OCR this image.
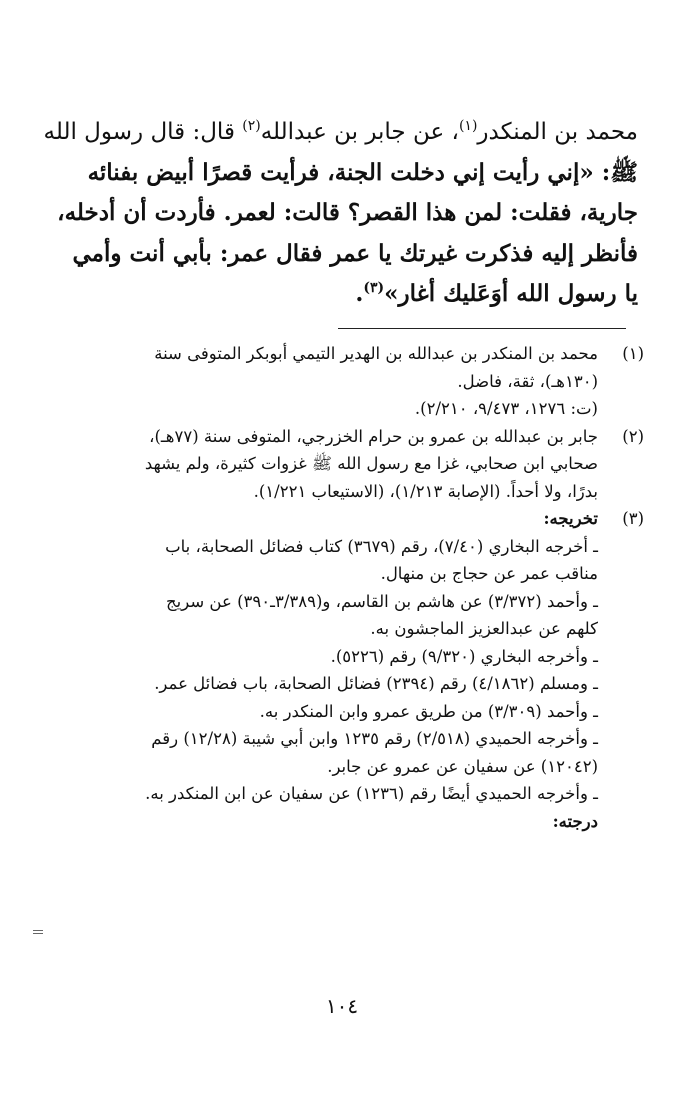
محمد بن المنكدر$^{(١)}$، عن جابر بن عبدالله$^{(٢)}$ قال: قال رسول الله
ﷺ: «إني رأيت إني دخلت الجنة، فرأيت قصرًا أبيض بفنائه
جارية، فقلت: لمن هذا القصر؟ قالت: لعمر. فأردت أن أدخله،
فأنظر إليه فذكرت غيرتك يا عمر فقال عمر: بأبي أنت وأمي
يا رسول الله أوَعَليك أغار»$^{(٣)}$.
(١)
محمد بن المنكدر بن عبدالله بن الهدير التيمي أبوبكر المتوفى سنة
(١٣٠هـ)، ثقة، فاضل.
(ت: ١٢٧٦، ٩/٤٧٣، ٢/٢١٠).
(٢)
جابر بن عبدالله بن عمرو بن حرام الخزرجي، المتوفى سنة (٧٧هـ)،
صحابي ابن صحابي، غزا مع رسول الله ﷺ غزوات كثيرة، ولم يشهد
بدرًا، ولا أحداً. (الإصابة ١/٢١٣)، (الاستيعاب ١/٢٢١).
(٣)
تخريجه:
ـ أخرجه البخاري (٧/٤٠)، رقم (٣٦٧٩) كتاب فضائل الصحابة، باب
مناقب عمر عن حجاج بن منهال.
ـ وأحمد (٣/٣٧٢) عن هاشم بن القاسم، و(٣/٣٨٩ـ٣٩٠) عن سريج
كلهم عن عبدالعزيز الماجشون به.
ـ وأخرجه البخاري (٩/٣٢٠) رقم (٥٢٢٦).
ـ ومسلم (٤/١٨٦٢) رقم (٢٣٩٤) فضائل الصحابة، باب فضائل عمر.
ـ وأحمد (٣/٣٠٩) من طريق عمرو وابن المنكدر به.
ـ وأخرجه الحميدي (٢/٥١٨) رقم ١٢٣٥ وابن أبي شيبة (١٢/٢٨) رقم
(١٢٠٤٢) عن سفيان عن عمرو عن جابر.
ـ وأخرجه الحميدي أيضًا رقم (١٢٣٦) عن سفيان عن ابن المنكدر به.
درجته:
١٠٤
